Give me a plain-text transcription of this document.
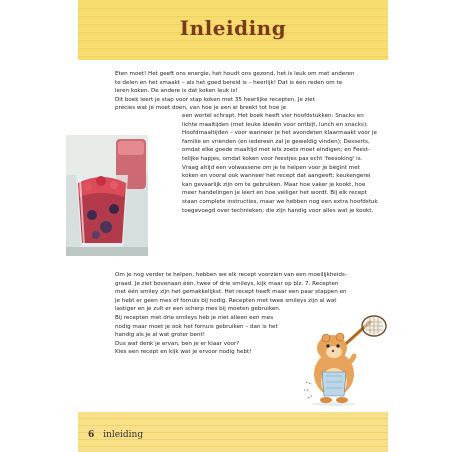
Inleiding
Eten moet! Het geeft ons energie, het houdt ons gezond, het is leuk om met anderen
te delen en het smaakt – als het goed bereid is – heerlijk! Dat is één reden om te
leren koken. De andere is dat koken leuk is!
Dit boek leert je stap voor stap koken met 35 heerlijke recepten. Je ziet
precies wat je moet doen, van hoe je een ei breekt tot hoe je
een wortel schrapt. Het boek heeft vier hoofdstukken: Snacks en
lichte maaltijden (met leuke ideeën voor ontbijt, lunch en snacks);
Hoofdmaaltijden – voor wanneer je het avondeten klaarmaakt voor je
familie en vrienden (en iedereen zal je geweldig vinden); Desserts,
omdat elke goede maaltijd met iets zoets moet eindigen; en Feest-
telijke hapjes, omdat koken voor feestjes pas echt 'feesoking' is.
Vraag altijd een volwassene om je te helpen voor je begint met
koken en vooral ook wanneer het recept dat aangeeft; keukengerei
kan gevaarlijk zijn om te gebruiken. Maar hoe vaker je kookt, hoe
meer handelingen je leert en hoe veiliger het wordt. Bij elk recept
staan complete instructies, maar we hebben nog een extra hoofdstuk
toegevoegd over technieken; die zijn handig voor alles wat je kookt.
Om je nog verder te helpen, hebben we elk recept voorzien van een moeilijkheids-
graad. Je ziet bovenaan één, twee of drie smileys, kijk maar op blz. 7. Recepten
met één smiley zijn het gemakkelijkst. Het recept heeft maar een paar stappen en
je hebt er geen mes of fornuis bij nodig. Recepten met twee smileys zijn al wat
lastiger en je zult er een scherp mes bij moeten gebruiken.
Bij recepten met drie smileys heb je niet alleen een mes
nodig maar moet je ook het fornuis gebruiken – dan is het
handig als je al wat groter bent!
Dus wat denk je ervan, ben je er klaar voor?
Kies een recept en kijk wat je ervoor nodig hebt!
6 inleiding
